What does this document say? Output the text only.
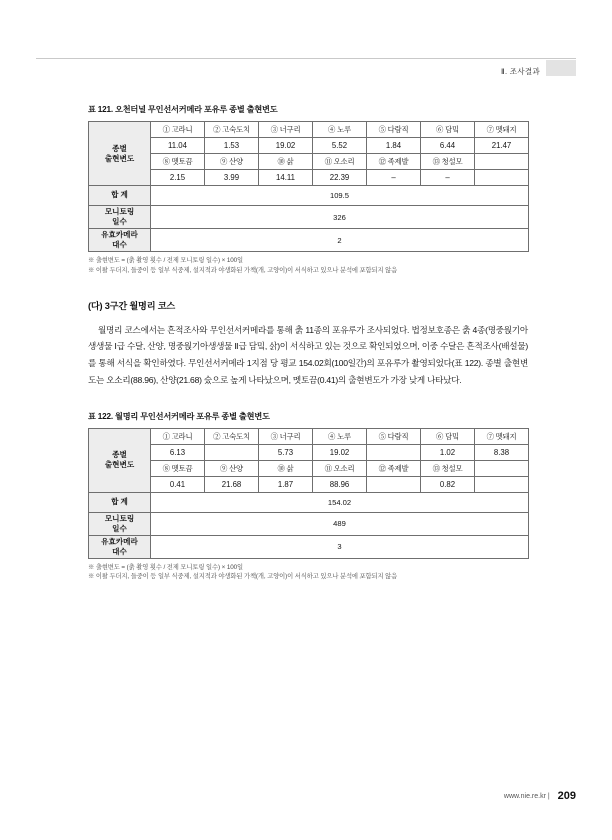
Ⅱ. 조사결과
표 121. 오천터널 무인선서커메라 포유루 종별 출현변도
종별
출현변도	① 고라니	② 고숙도치	③ 너구리	④ 노루	⑤ 다람직	⑥ 담밐	⑦ 멧돼지
	11.04	1.53	19.02	5.52	1.84	6.44	21.47
	⑧ 멧토끔	⑨ 산양	⑩ 삵	⑪ 오소리	⑫ 족제발	⑬ 청설모	
	2.15	3.99	14.11	22.39	–	–	
합 계	109.5						

모니토링
일수	326						

유효카메라
대수	2						
※ 출현변도 = (춝 촬영 횟수 / 전제 모니토링 일수) × 100일
※ 이왈 두더지, 들중이 등 일부 식중제, 설지적과 야생화된 가책(개, 고양이)이 서식하고 있으나 분석에 포함되지 않음
(다) 3구간 월명리 코스
월명리 코스에서는 흔적조사와 무인선서커메라를 통해 춝 11종의 포유루가 조사되었다. 법정보호종은 춝 4종(명중웑기아생생물 Ⅰ급 수달, 산양, 명중웑기아생생물 Ⅱ급 담밐, 삵)이 서식하고 있는 것으로 확인되었으며, 이중 수달은 흔적조사(배설물)를 통해 서식을 확인하였다. 무인선서커메라 1지점 당 평교 154.02회(100일간)의 포유루가 촬영되었다(표 122). 종별 출현변도는 오소리(88.96), 산양(21.68) 숬으로 높게 나타났으며, 멧토끔(0.41)의 출현변도가 가장 낮게 나타났다.
표 122. 월명리 무인선서커메라 포유루 종별 출현변도
종별
출현변도	① 고라니	② 고숙도치	③ 너구리	④ 노루	⑤ 다람직	⑥ 담밐	⑦ 멧돼지
	6.13		5.73	19.02		1.02	8.38
	⑧ 멧토끔	⑨ 산양	⑩ 삵	⑪ 오소리	⑫ 족제발	⑬ 청설모	
	0.41	21.68	1.87	88.96		0.82	
합 계	154.02						

모니토링
일수	489						

유효카메라
대수	3						
※ 출현변도 = (춝 촬영 횟수 / 전제 모니토링 일수) × 100일
※ 이왈 두더지, 들중이 등 일부 식중제, 설지적과 야생화된 가책(개, 고양이)이 서식하고 있으나 분석에 포함되지 않음
www.nie.re.kr | 209
